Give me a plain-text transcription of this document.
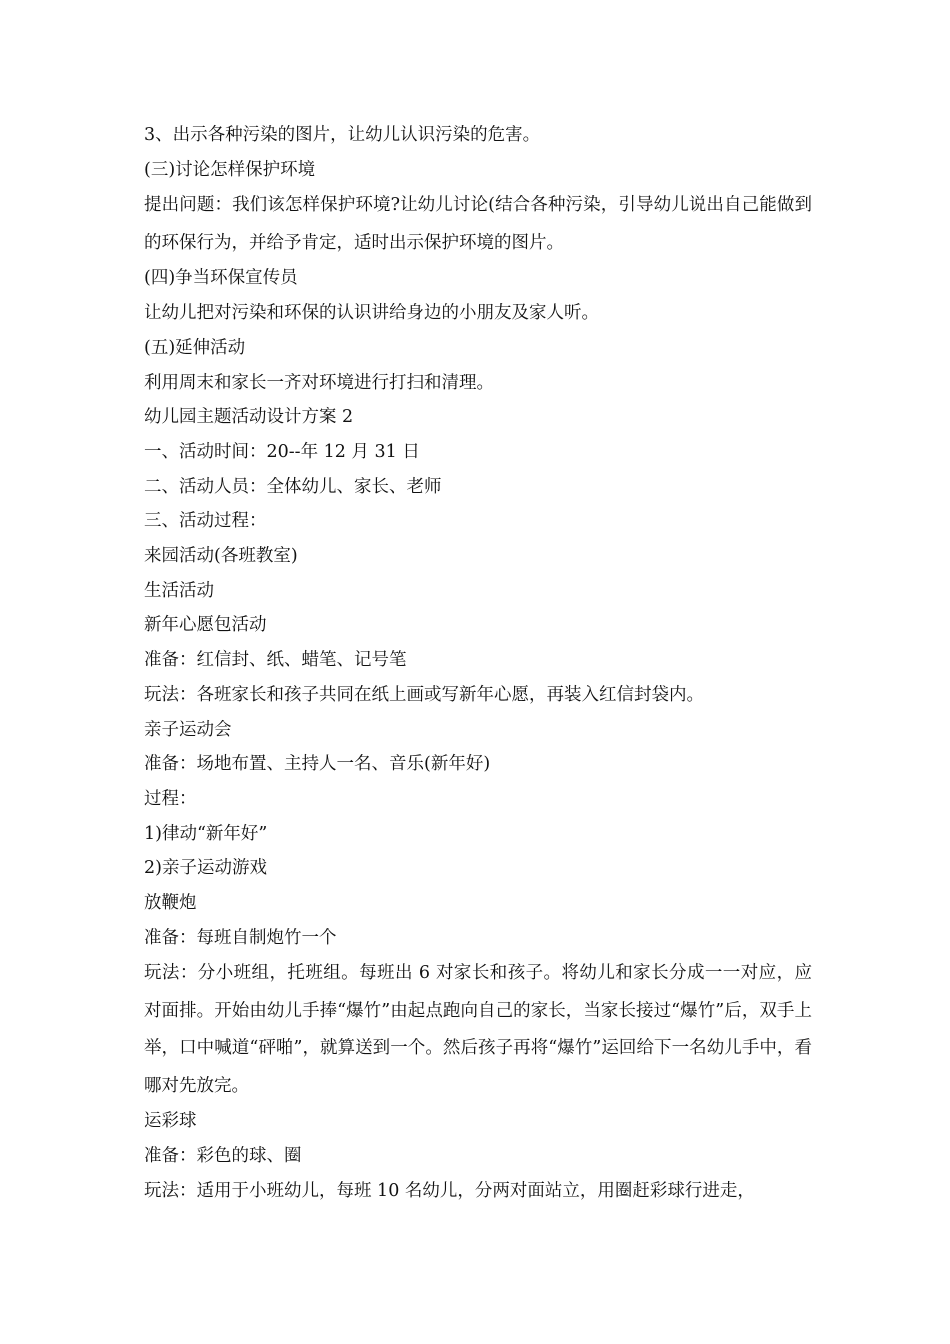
3、出示各种污染的图片，让幼儿认识污染的危害。

(三)讨论怎样保护环境

提出问题：我们该怎样保护环境?让幼儿讨论(结合各种污染，引导幼儿说出自己能做到的环保行为，并给予肯定，适时出示保护环境的图片。

(四)争当环保宣传员

让幼儿把对污染和环保的认识讲给身边的小朋友及家人听。

(五)延伸活动

利用周末和家长一齐对环境进行打扫和清理。

幼儿园主题活动设计方案 2

一、活动时间：20--年 12 月 31 日

二、活动人员：全体幼儿、家长、老师

三、活动过程：

来园活动(各班教室)

生活活动

新年心愿包活动

准备：红信封、纸、蜡笔、记号笔

玩法：各班家长和孩子共同在纸上画或写新年心愿，再装入红信封袋内。

亲子运动会

准备：场地布置、主持人一名、音乐(新年好)

过程：

1)律动“新年好”

2)亲子运动游戏

放鞭炮

准备：每班自制炮竹一个

玩法：分小班组，托班组。每班出 6 对家长和孩子。将幼儿和家长分成一一对应，应对面排。开始由幼儿手捧“爆竹”由起点跑向自己的家长，当家长接过“爆竹”后，双手上举，口中喊道“砰啪”，就算送到一个。然后孩子再将“爆竹”运回给下一名幼儿手中，看哪对先放完。

运彩球

准备：彩色的球、圈

玩法：适用于小班幼儿，每班 10 名幼儿，分两对面站立，用圈赶彩球行进走，
